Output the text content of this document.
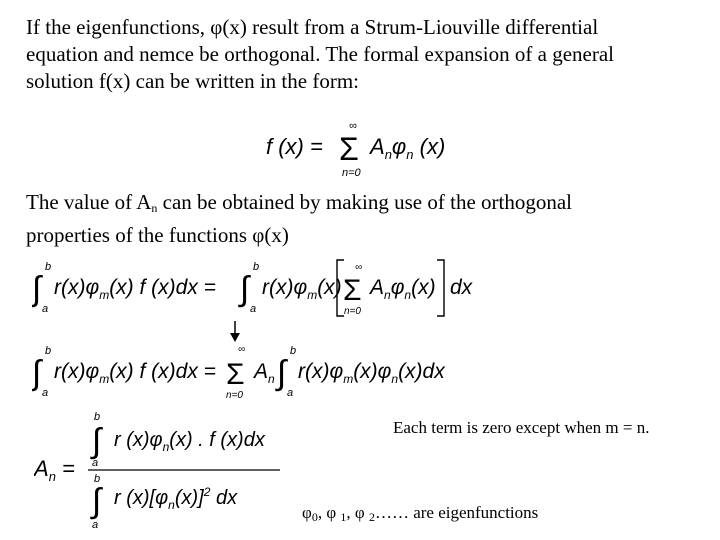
If the eigenfunctions, φ(x) result from a Strum-Liouville differential
equation and nemce be orthogonal. The formal expansion of a general
solution f(x) can be written in the form:
f (x) =
∞
Σ
n=0
$A_n\varphi_n$ (x)
The value of $A_n$ can be obtained by making use of the orthogonal
properties of the functions φ(x)
∫
b
a
$r(x)\varphi_m(x)$ f (x)dx = ∫
b
a
$r(x)\varphi_m(x)$
∞
Σ
n=0
$A_n\varphi_n(x)$ dx
∫
b
a
$r(x)\varphi_m(x)$ f (x)dx =
∞
Σ
n=0
$A_n$ ∫
b
a
$r(x)\varphi_m(x)\varphi_n(x)dx$
$A_n$ =
∫
b
a
r $(x)\varphi_n(x)$ . f (x)dx
∫
b
a
r $(x)[\varphi_n(x)]^2$ dx
Each term is zero except when m = n.
$\varphi_0$, φ $_1$, φ $_2$…… are eigenfunctions
